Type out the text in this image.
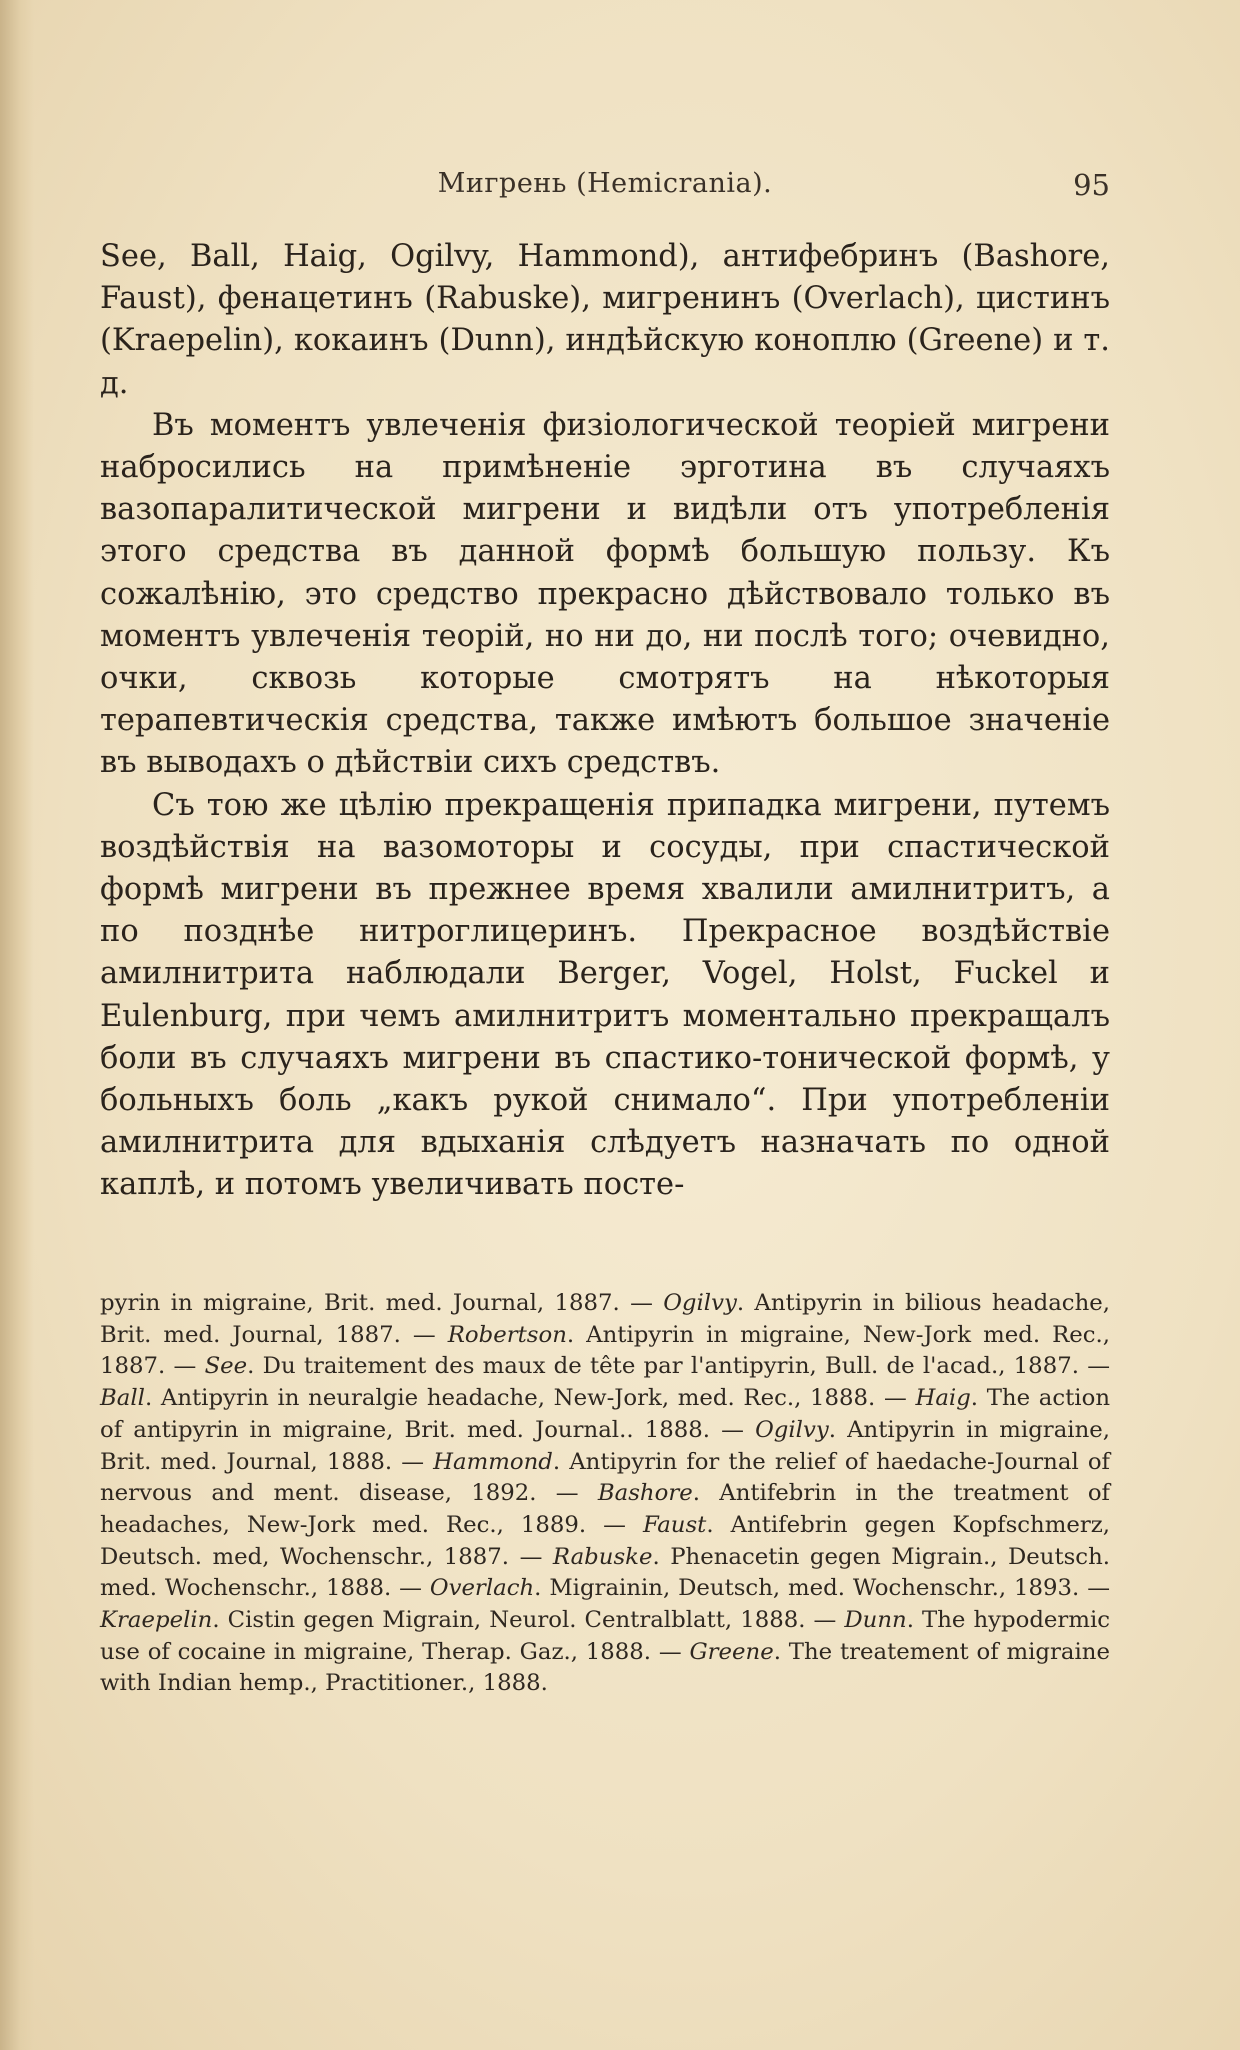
Мигрень (Hemicrania).	95

See, Ball, Haig, Ogilvy, Hammond), антифебринъ (Bashore, Faust), фенацетинъ (Rabuske), мигренинъ (Overlach), цистинъ (Kraepelin), кокаинъ (Dunn), индѣйскую коноплю (Greene) и т. д.

Въ моментъ увлеченія физіологической теоріей мигрени набросились на примѣненіе эрготина въ случаяхъ вазопаралитической мигрени и видѣли отъ употребленія этого средства въ данной формѣ большую пользу. Къ сожалѣнію, это средство прекрасно дѣйствовало только въ моментъ увлеченія теорій, но ни до, ни послѣ того; очевидно, очки, сквозь которые смотрятъ на нѣкоторыя терапевтическія средства, также имѣютъ большое значеніе въ выводахъ о дѣйствіи сихъ средствъ.

Съ тою же цѣлію прекращенія припадка мигрени, путемъ воздѣйствія на вазомоторы и сосуды, при спастической формѣ мигрени въ прежнее время хвалили амилнитритъ, а по позднѣе нитроглицеринъ. Прекрасное воздѣйствіе амилнитрита наблюдали Berger, Vogel, Holst, Fuckel и Eulenburg, при чемъ амилнитритъ моментально прекращалъ боли въ случаяхъ мигрени въ спастико-тонической формѣ, у больныхъ боль „какъ рукой снимало“. При употребленіи амилнитрита для вдыханія слѣдуетъ назначать по одной каплѣ, и потомъ увеличивать посте-

pyrin in migraine, Brit. med. Journal, 1887. — Ogilvy. Antipyrin in bilious headache, Brit. med. Journal, 1887. — Robertson. Antipyrin in migraine, New-Jork med. Rec., 1887. — See. Du traitement des maux de tête par l'antipyrin, Bull. de l'acad., 1887. — Ball. Antipyrin in neuralgie headache, New-Jork, med. Rec., 1888. — Haig. The action of antipyrin in migraine, Brit. med. Journal.. 1888. — Ogilvy. Antipyrin in migraine, Brit. med. Journal, 1888. — Hammond. Antipyrin for the relief of haedache-Journal of nervous and ment. disease, 1892. — Bashore. Antifebrin in the treatment of headaches, New-Jork med. Rec., 1889. — Faust. Antifebrin gegen Kopfschmerz, Deutsch. med, Wochenschr., 1887. — Rabuske. Phenacetin gegen Migrain., Deutsch. med. Wochenschr., 1888. — Overlach. Migrainin, Deutsch, med. Wochenschr., 1893. — Kraepelin. Cistin gegen Migrain, Neurol. Centralblatt, 1888. — Dunn. The hypodermic use of cocaine in migraine, Therap. Gaz., 1888. — Greene. The treatement of migraine with Indian hemp., Practitioner., 1888.
